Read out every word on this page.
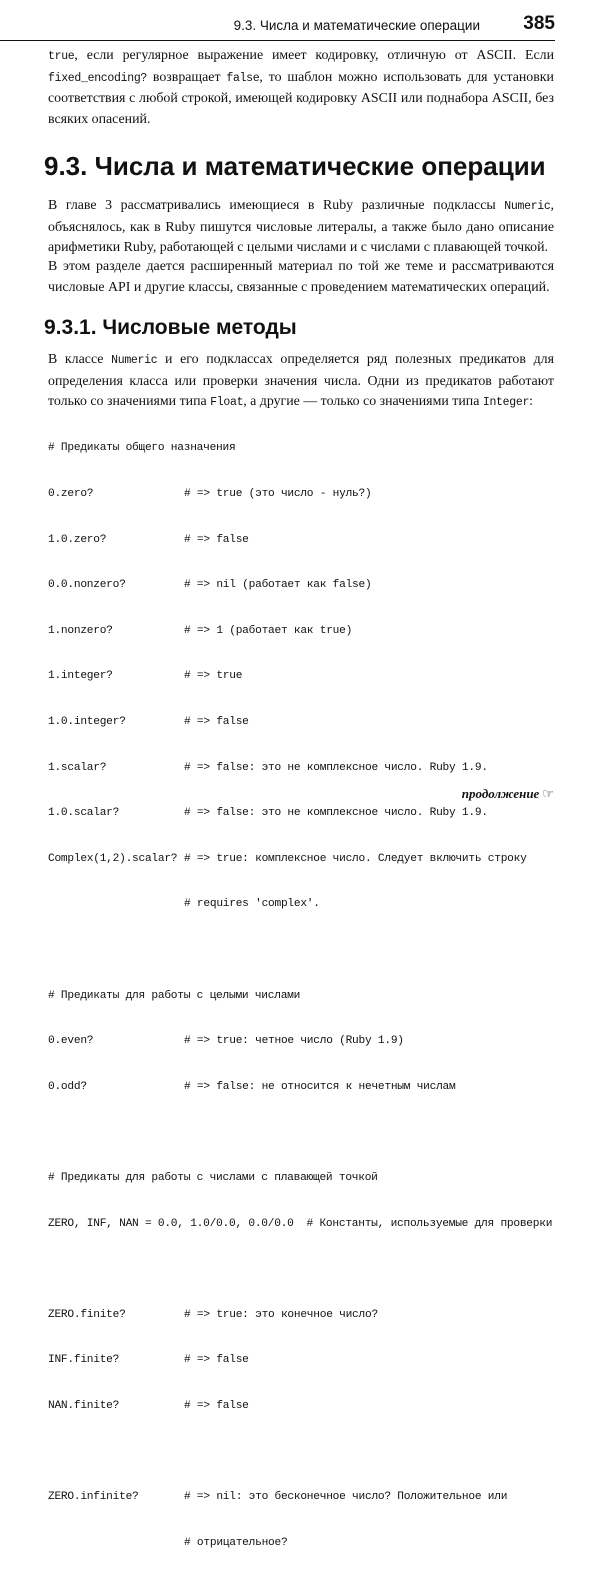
9.3. Числа и математические операции 385

true, если регулярное выражение имеет кодировку, отличную от ASCII. Если fixed_encoding? возвращает false, то шаблон можно использовать для установки соответствия с любой строкой, имеющей кодировку ASCII или поднабора ASCII, без всяких опасений.

9.3. Числа и математические операции

В главе 3 рассматривались имеющиеся в Ruby различные подклассы Numeric, объяснялось, как в Ruby пишутся числовые литералы, а также было дано описание арифметики Ruby, работающей с целыми числами и с числами с плавающей точкой.

В этом разделе дается расширенный материал по той же теме и рассматриваются числовые API и другие классы, связанные с проведением математических операций.

9.3.1. Числовые методы

В классе Numeric и его подклассах определяется ряд полезных предикатов для определения класса или проверки значения числа. Одни из предикатов работают только со значениями типа Float, а другие — только со значениями типа Integer:

# Предикаты общего назначения

0.zero?	# => true (это число - нуль?)

1.0.zero?	# => false

0.0.nonzero?	# => nil (работает как false)

1.nonzero?	# => 1 (работает как true)

1.integer?	# => true

1.0.integer?	# => false

1.scalar?	# => false: это не комплексное число. Ruby 1.9.

1.0.scalar?	# => false: это не комплексное число. Ruby 1.9.

Complex(1,2).scalar? # => true: комплексное число. Следует включить строку

# requires 'complex'.

# Предикаты для работы с целыми числами

0.even?	# => true: четное число (Ruby 1.9)

0.odd?	# => false: не относится к нечетным числам

# Предикаты для работы с числами с плавающей точкой

ZERO, INF, NAN = 0.0, 1.0/0.0, 0.0/0.0  # Константы, используемые для проверки

ZERO.finite?	# => true: это конечное число?

INF.finite?	# => false

NAN.finite?	# => false

ZERO.infinite?	# => nil: это бесконечное число? Положительное или

# отрицательное?

продолжение ☞
